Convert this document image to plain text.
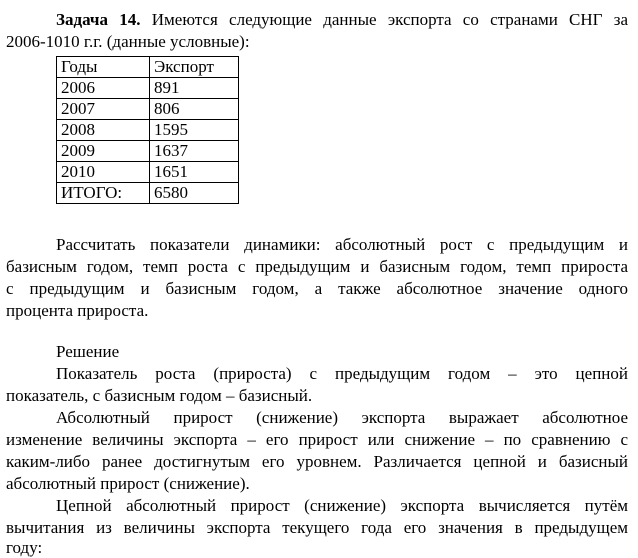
Задача 14. Имеются следующие данные экспорта со странами СНГ за
2006-1010 г.г. (данные условные):
Годы	Экспорт
2006	891
2007	806
2008	1595
2009	1637
2010	1651
ИТОГО:	6580
Рассчитать показатели динамики: абсолютный рост с предыдущим и
базисным годом, темп роста с предыдущим и базисным годом, темп прироста
с предыдущим и базисным годом, а также абсолютное значение одного
процента прироста.
Решение
Показатель роста (прироста) с предыдущим годом – это цепной
показатель, с базисным годом – базисный.
Абсолютный прирост (снижение) экспорта выражает абсолютное
изменение величины экспорта – его прирост или снижение – по сравнению с
каким-либо ранее достигнутым его уровнем. Различается цепной и базисный
абсолютный прирост (снижение).
Цепной абсолютный прирост (снижение) экспорта вычисляется путём
вычитания из величины экспорта текущего года его значения в предыдущем
году:
